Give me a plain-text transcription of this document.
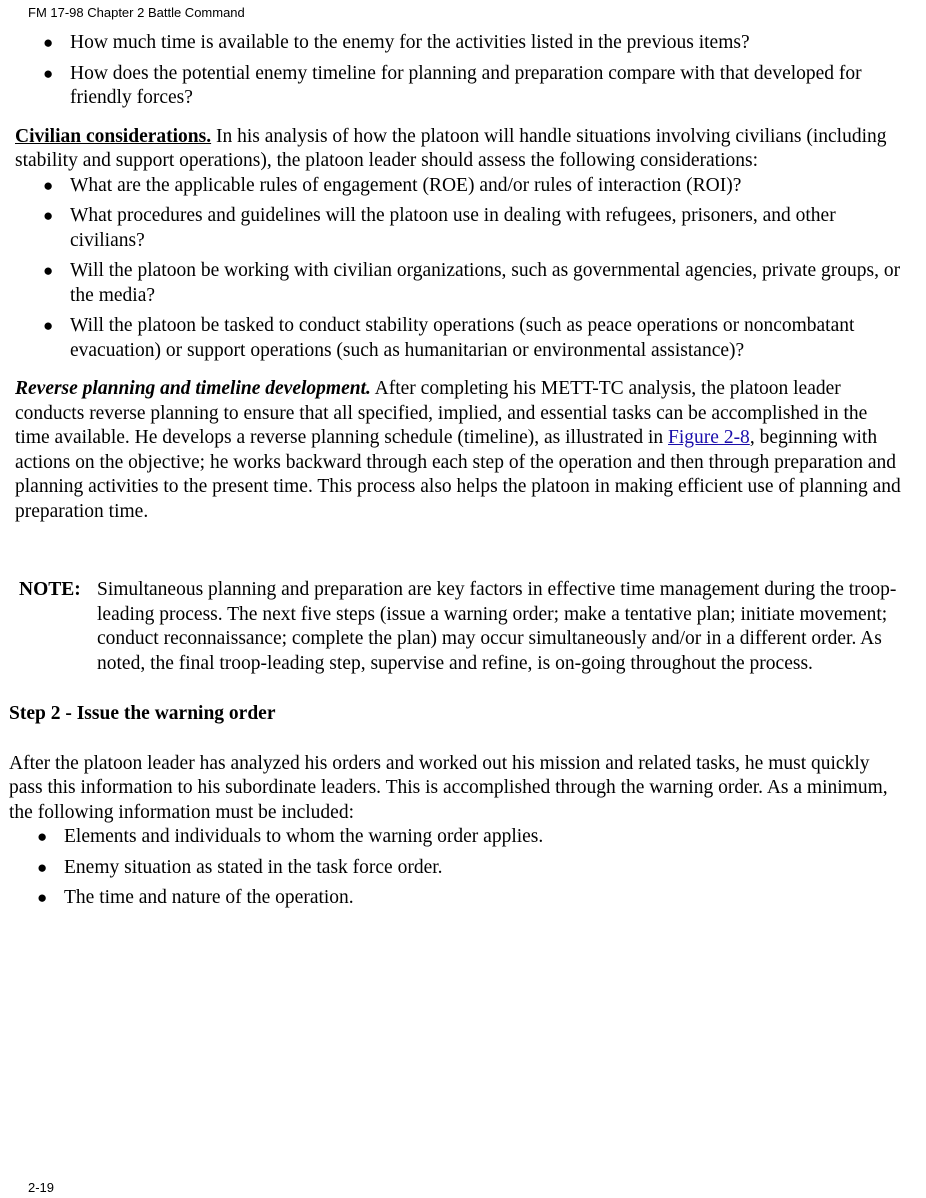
FM 17-98 Chapter 2 Battle Command
● How much time is available to the enemy for the activities listed in the previous items?
● How does the potential enemy timeline for planning and preparation compare with that developed for friendly forces?

Civilian considerations. In his analysis of how the platoon will handle situations involving civilians (including stability and support operations), the platoon leader should assess the following considerations:

● What are the applicable rules of engagement (ROE) and/or rules of interaction (ROI)?
● What procedures and guidelines will the platoon use in dealing with refugees, prisoners, and other civilians?
● Will the platoon be working with civilian organizations, such as governmental agencies, private groups, or the media?
● Will the platoon be tasked to conduct stability operations (such as peace operations or noncombatant evacuation) or support operations (such as humanitarian or environmental assistance)?

Reverse planning and timeline development. After completing his METT-TC analysis, the platoon leader conducts reverse planning to ensure that all specified, implied, and essential tasks can be accomplished in the time available. He develops a reverse planning schedule (timeline), as illustrated in Figure 2-8, beginning with actions on the objective; he works backward through each step of the operation and then through preparation and planning activities to the present time. This process also helps the platoon in making efficient use of planning and preparation time.

NOTE: Simultaneous planning and preparation are key factors in effective time management during the troop-leading process. The next five steps (issue a warning order; make a tentative plan; initiate movement; conduct reconnaissance; complete the plan) may occur simultaneously and/or in a different order. As noted, the final troop-leading step, supervise and refine, is on-going throughout the process.

Step 2 - Issue the warning order

After the platoon leader has analyzed his orders and worked out his mission and related tasks, he must quickly pass this information to his subordinate leaders. This is accomplished through the warning order. As a minimum, the following information must be included:

● Elements and individuals to whom the warning order applies.
● Enemy situation as stated in the task force order.
● The time and nature of the operation.
2-19
